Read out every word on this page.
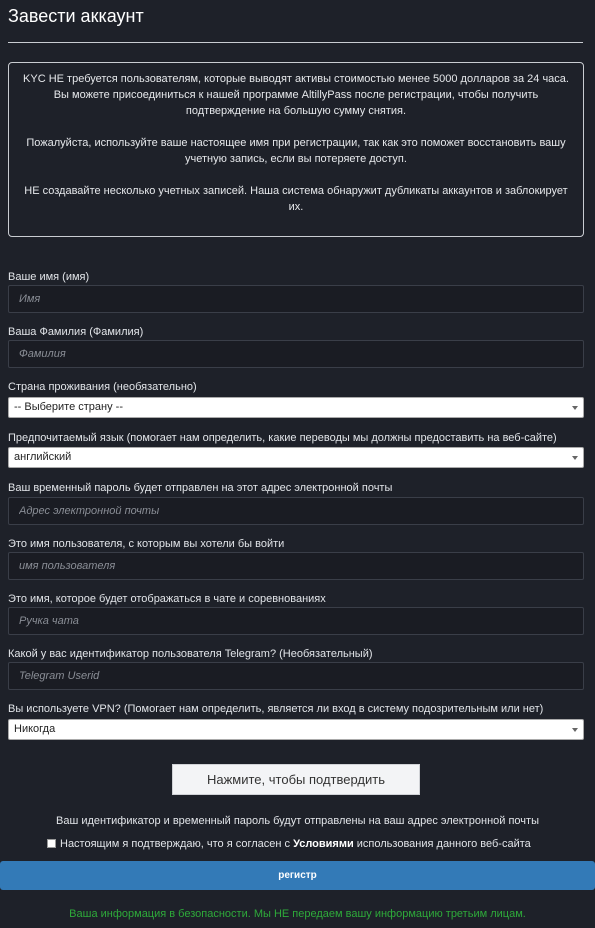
Завести аккаунт

KYC НЕ требуется пользователям, которые выводят активы стоимостью менее 5000 долларов за 24 часа.

Вы можете присоединиться к нашей программе AltillyPass после регистрации, чтобы получить подтверждение на большую сумму снятия.

Пожалуйста, используйте ваше настоящее имя при регистрации, так как это поможет восстановить вашу учетную запись, если вы потеряете доступ.

НЕ создавайте несколько учетных записей. Наша система обнаружит дубликаты аккаунтов и заблокирует их.

Ваше имя (имя)
Имя
Ваша Фамилия (Фамилия)
Фамилия
Страна проживания (необязательно)
-- Выберите страну --
Предпочитаемый язык (помогает нам определить, какие переводы мы должны предоставить на веб-сайте)
английский
Ваш временный пароль будет отправлен на этот адрес электронной почты
Адрес электронной почты
Это имя пользователя, с которым вы хотели бы войти
имя пользователя
Это имя, которое будет отображаться в чате и соревнованиях
Ручка чата
Какой у вас идентификатор пользователя Telegram? (Необязательный)
Telegram Userid
Вы используете VPN? (Помогает нам определить, является ли вход в систему подозрительным или нет)
Никогда
Нажмите, чтобы подтвердить
Ваш идентификатор и временный пароль будут отправлены на ваш адрес электронной почты
Настоящим я подтверждаю, что я согласен с Условиями использования данного веб-сайта
регистр
Ваша информация в безопасности. Мы НЕ передаем вашу информацию третьим лицам.
